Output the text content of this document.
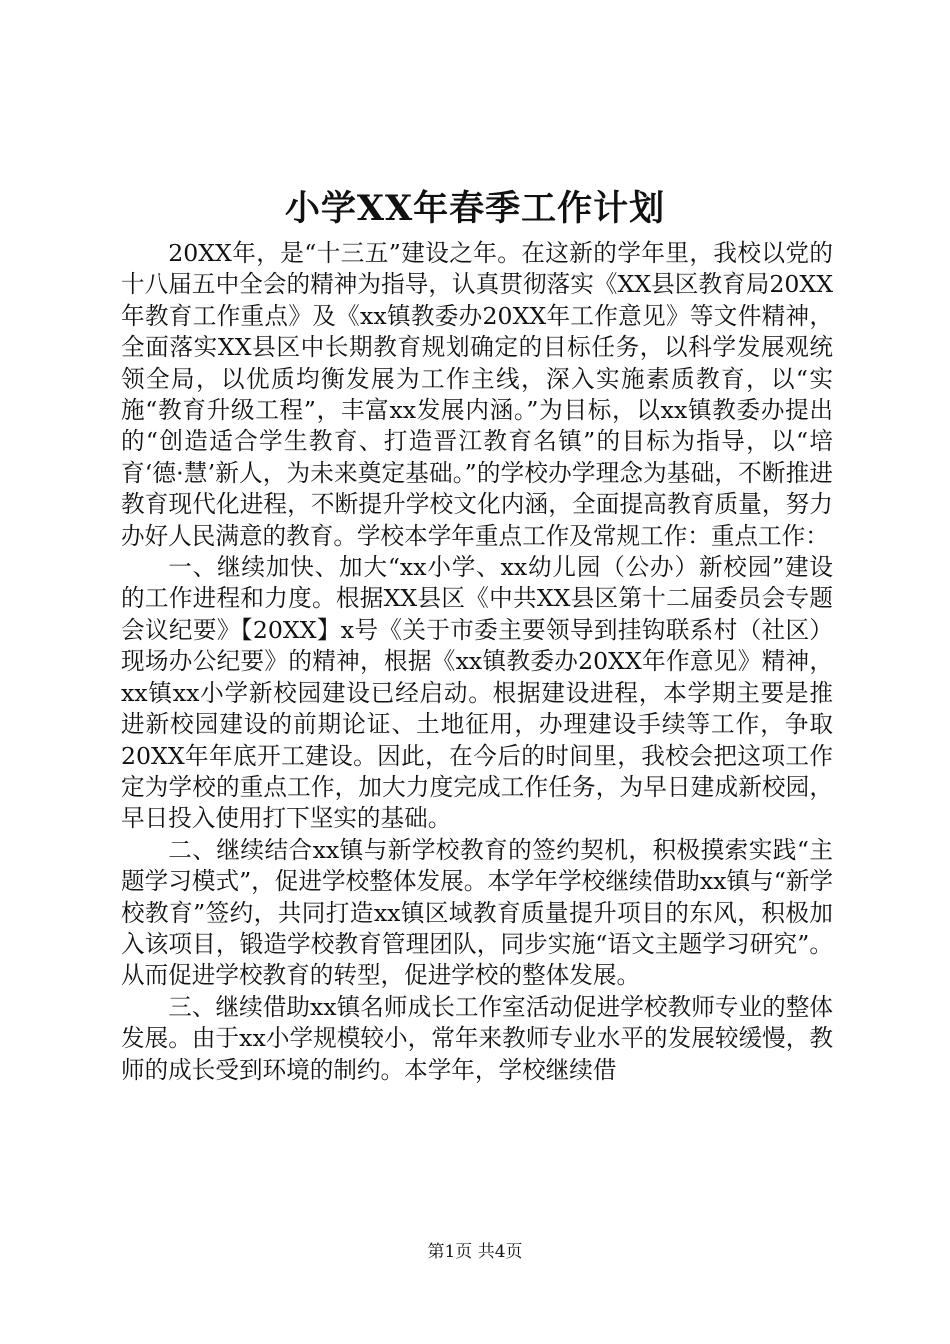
小学XX年春季工作计划

20XX年，是“十三五”建设之年。在这新的学年里，我校以党的十八届五中全会的精神为指导，认真贯彻落实《XX县区教育局20XX年教育工作重点》及《xx镇教委办20XX年工作意见》等文件精神，全面落实XX县区中长期教育规划确定的目标任务，以科学发展观统领全局，以优质均衡发展为工作主线，深入实施素质教育，以“实施“教育升级工程”，丰富xx发展内涵。”为目标，以xx镇教委办提出的“创造适合学生教育、打造晋江教育名镇”的目标为指导，以“培育‘德·慧’新人，为未来奠定基础。”的学校办学理念为基础，不断推进教育现代化进程，不断提升学校文化内涵，全面提高教育质量，努力办好人民满意的教育。学校本学年重点工作及常规工作：重点工作：

一、继续加快、加大“xx小学、xx幼儿园（公办）新校园”建设的工作进程和力度。根据XX县区《中共XX县区第十二届委员会专题会议纪要》【20XX】x号《关于市委主要领导到挂钩联系村（社区）现场办公纪要》的精神，根据《xx镇教委办20XX年作意见》精神，xx镇xx小学新校园建设已经启动。根据建设进程，本学期主要是推进新校园建设的前期论证、土地征用，办理建设手续等工作，争取20XX年年底开工建设。因此，在今后的时间里，我校会把这项工作定为学校的重点工作，加大力度完成工作任务，为早日建成新校园，早日投入使用打下坚实的基础。

二、继续结合xx镇与新学校教育的签约契机，积极摸索实践“主题学习模式”，促进学校整体发展。本学年学校继续借助xx镇与“新学校教育”签约，共同打造xx镇区域教育质量提升项目的东风，积极加入该项目，锻造学校教育管理团队，同步实施“语文主题学习研究”。从而促进学校教育的转型，促进学校的整体发展。

三、继续借助xx镇名师成长工作室活动促进学校教师专业的整体发展。由于xx小学规模较小，常年来教师专业水平的发展较缓慢，教师的成长受到环境的制约。本学年，学校继续借

第1页 共4页
